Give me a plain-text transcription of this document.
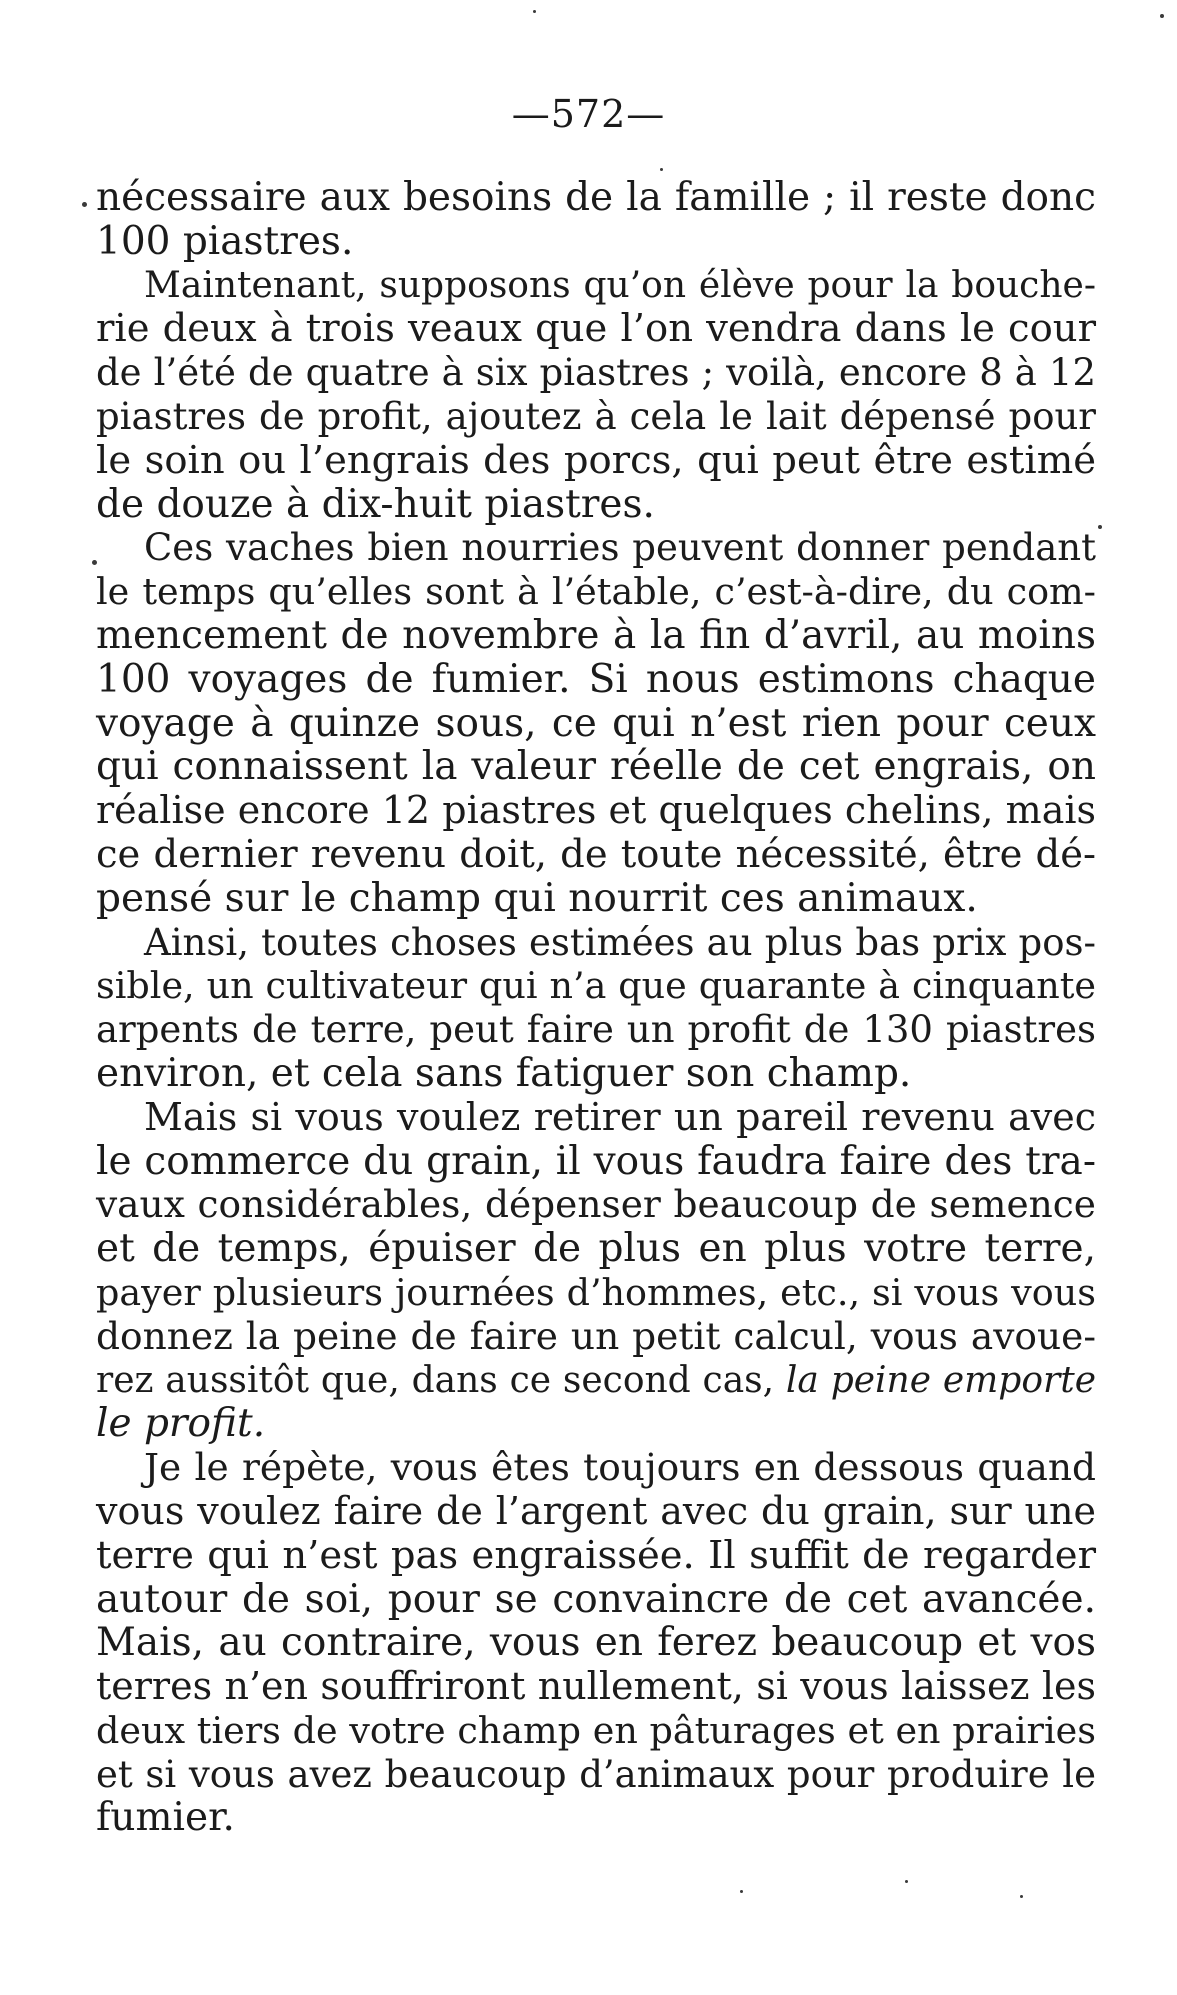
—572—
nécessaire aux besoins de la famille ; il reste donc
100 piastres.
Maintenant, supposons qu’on élève pour la bouche-
rie deux à trois veaux que l’on vendra dans le cour
de l’été de quatre à six piastres ; voilà, encore 8 à 12
piastres de profit, ajoutez à cela le lait dépensé pour
le soin ou l’engrais des porcs, qui peut être estimé
de douze à dix-huit piastres.
Ces vaches bien nourries peuvent donner pendant
le temps qu’elles sont à l’étable, c’est-à-dire, du com-
mencement de novembre à la fin d’avril, au moins
100 voyages de fumier. Si nous estimons chaque
voyage à quinze sous, ce qui n’est rien pour ceux
qui connaissent la valeur réelle de cet engrais, on
réalise encore 12 piastres et quelques chelins, mais
ce dernier revenu doit, de toute nécessité, être dé-
pensé sur le champ qui nourrit ces animaux.
Ainsi, toutes choses estimées au plus bas prix pos-
sible, un cultivateur qui n’a que quarante à cinquante
arpents de terre, peut faire un profit de 130 piastres
environ, et cela sans fatiguer son champ.
Mais si vous voulez retirer un pareil revenu avec
le commerce du grain, il vous faudra faire des tra-
vaux considérables, dépenser beaucoup de semence
et de temps, épuiser de plus en plus votre terre,
payer plusieurs journées d’hommes, etc., si vous vous
donnez la peine de faire un petit calcul, vous avoue-
rez aussitôt que, dans ce second cas, la peine emporte
le profit.
Je le répète, vous êtes toujours en dessous quand
vous voulez faire de l’argent avec du grain, sur une
terre qui n’est pas engraissée. Il suffit de regarder
autour de soi, pour se convaincre de cet avancée.
Mais, au contraire, vous en ferez beaucoup et vos
terres n’en souffriront nullement, si vous laissez les
deux tiers de votre champ en pâturages et en prairies
et si vous avez beaucoup d’animaux pour produire le
fumier.
